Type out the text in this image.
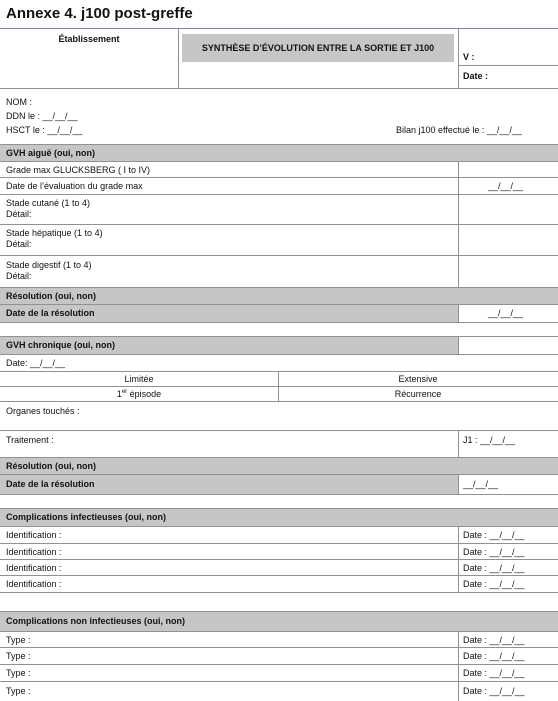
Annexe 4. j100 post-greffe
Établissement
SYNTHÈSE D’ÉVOLUTION ENTRE LA SORTIE ET J100
V :
Date :
NOM :
DDN le : __/__/__
HSCT le : __/__/__	Bilan j100 effectué le : __/__/__
GVH aiguë (oui, non)
Grade max GLUCKSBERG ( I to IV)
Date de l’évaluation du grade max	__/__/__
Stade cutané (1 to 4)
Détail:
Stade hépatique (1 to 4)
Détail:
Stade digestif (1 to 4)
Détail:
Résolution (oui, non)
Date de la résolution	__/__/__
GVH chronique (oui, non)
Date: __/__/__
Limitée	Extensive
1er épisode	Récurrence
Organes touchés :
Traitement :	J1 : __/__/__
Résolution (oui, non)
Date de la résolution	__/__/__
Complications infectieuses (oui, non)
Identification :	Date : __/__/__
Identification :	Date : __/__/__
Identification :	Date : __/__/__
Identification :	Date : __/__/__
Complications non infectieuses (oui, non)
Type :	Date : __/__/__
Type :	Date : __/__/__
Type :	Date : __/__/__
Type :	Date : __/__/__
